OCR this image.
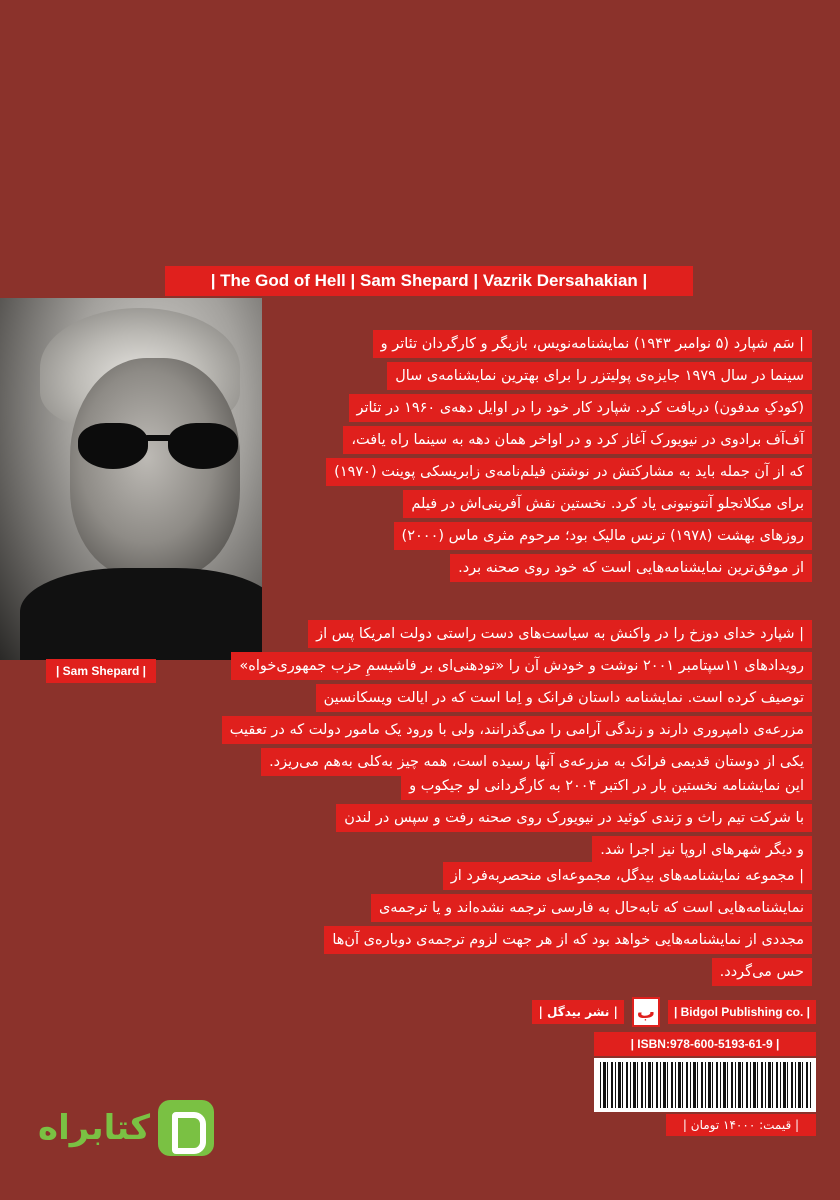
| The God of Hell | Sam Shepard | Vazrik Dersahakian |
| Sam Shepard |
| سَم شپارد (۵ نوامبر ۱۹۴۳) نمایشنامه‌نویس، بازیگر و کارگردان تئاتر و
سینما در سال ۱۹۷۹ جایزه‌ی پولیتزر را برای بهترین نمایشنامه‌ی سال
(کودکِ مدفون) دریافت کرد. شپارد کار خود را در اوایل دهه‌ی ۱۹۶۰ در تئاتر
آف‌آف برادوی در نیویورک آغاز کرد و در اواخر همان دهه به سینما راه یافت،
که از آن جمله باید به مشارکتش در نوشتن فیلم‌نامه‌ی زابریسکی پوینت (۱۹۷۰)
برای میکلانجلو آنتونیونی یاد کرد. نخستین نقش آفرینی‌اش در فیلم
روزهای بهشت (۱۹۷۸) ترنس مالیک بود؛ مرحوم مثری ماس (۲۰۰۰)
از موفق‌ترین نمایشنامه‌هایی است که خود روی صحنه برد.
| شپارد خدای دوزخ را در واکنش به سیاست‌های دست راستی دولت امریکا پس از
رویدادهای ۱۱سپتامبر ۲۰۰۱ نوشت و خودش آن را «تودهنی‌ای بر فاشیسمِ حزب جمهوری‌خواه»
توصیف کرده است. نمایشنامه داستان فرانک و اِما است که در ایالت ویسکانسین
مزرعه‌ی دامپروری دارند و زندگی آرامی را می‌گذرانند، ولی با ورود یک مامور دولت که در تعقیب
یکی از دوستان قدیمی فرانک به مزرعه‌ی آنها رسیده است، همه چیز به‌کلی به‌هم می‌ریزد.
این نمایشنامه نخستین بار در اکتبر ۲۰۰۴ به کارگردانی لو جیکوب و
با شرکت تیم راث و رَندی کوئید در نیویورک روی صحنه رفت و سپس در لندن
و دیگر شهرهای اروپا نیز اجرا شد.
| مجموعه نمایشنامه‌های بیدگل، مجموعه‌ای منحصربه‌فرد از
نمایشنامه‌هایی است که تابه‌حال به فارسی ترجمه نشده‌اند و یا ترجمه‌ی
مجددی از نمایشنامه‌هایی خواهد بود که از هر جهت لزوم ترجمه‌ی دوباره‌ی آن‌ها
حس می‌گردد.
| نشر بیدگل |	ب	| Bidgol Publishing co. |
| ISBN:978-600-5193-61-9 |
| قیمت: ۱۴۰۰۰ تومان |
کتابراه
